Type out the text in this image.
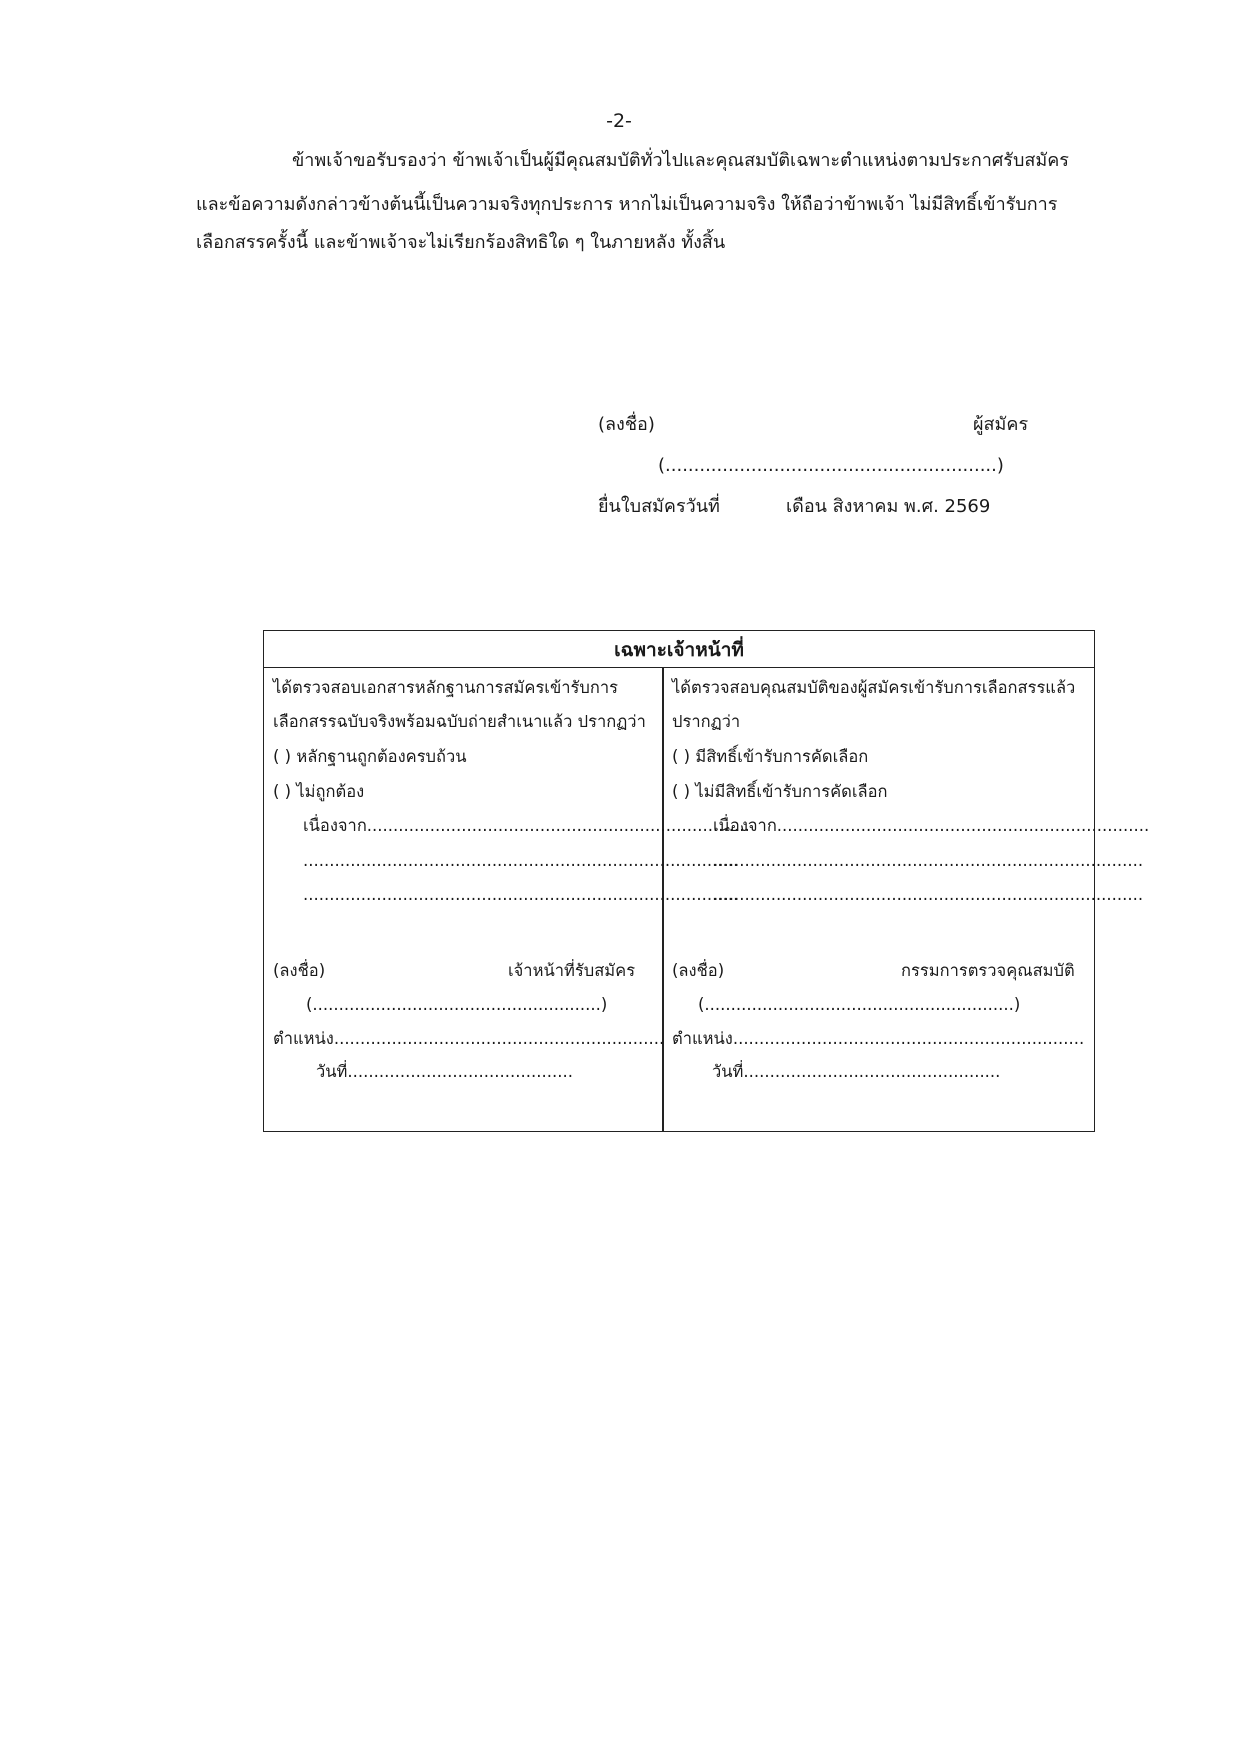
-2-
ข้าพเจ้าขอรับรองว่า ข้าพเจ้าเป็นผู้มีคุณสมบัติทั่วไปและคุณสมบัติเฉพาะตำแหน่งตามประกาศรับสมัคร
และข้อความดังกล่าวข้างต้นนี้เป็นความจริงทุกประการ หากไม่เป็นความจริง ให้ถือว่าข้าพเจ้า ไม่มีสิทธิ์เข้ารับการ
เลือกสรรครั้งนี้ และข้าพเจ้าจะไม่เรียกร้องสิทธิใด ๆ ในภายหลัง ทั้งสิ้น
(ลงชื่อ)	ผู้สมัคร
(..........................................................)
ยื่นใบสมัครวันที่	เดือน สิงหาคม พ.ศ. 2569
เฉพาะเจ้าหน้าที่
ได้ตรวจสอบเอกสารหลักฐานการสมัครเข้ารับการ
เลือกสรรฉบับจริงพร้อมฉบับถ่ายสำเนาแล้ว ปรากฏว่า
( ) หลักฐานถูกต้องครบถ้วน
( ) ไม่ถูกต้อง
เนื่องจาก.........................................................................
...................................................................................
...................................................................................
(ลงชื่อ)	เจ้าหน้าที่รับสมัคร
(.......................................................)
ตำแหน่ง...............................................................
วันที่...........................................
ได้ตรวจสอบคุณสมบัติของผู้สมัครเข้ารับการเลือกสรรแล้ว
ปรากฏว่า
( ) มีสิทธิ์เข้ารับการคัดเลือก
( ) ไม่มีสิทธิ์เข้ารับการคัดเลือก
เนื่องจาก.......................................................................
..................................................................................
..................................................................................
(ลงชื่อ)	กรรมการตรวจคุณสมบัติ
(...........................................................)
ตำแหน่ง...................................................................
วันที่.................................................
